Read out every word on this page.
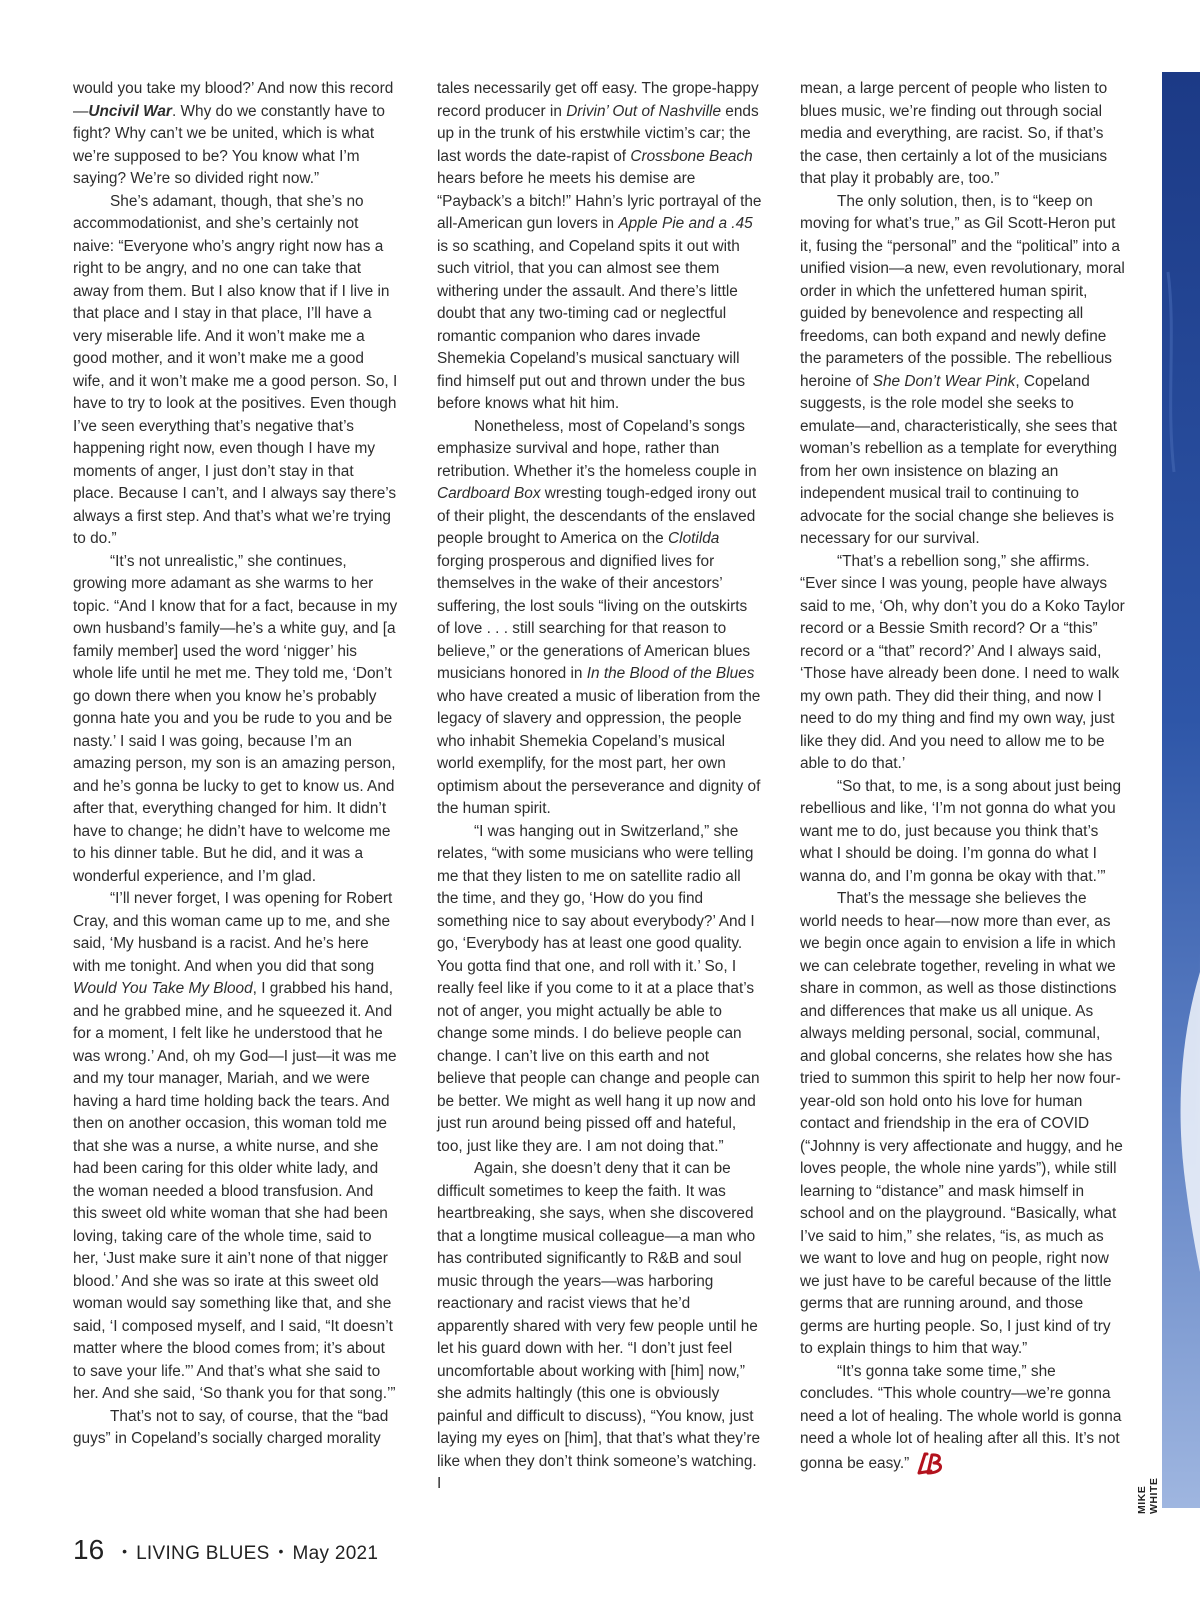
would you take my blood?’ And now this record—Uncivil War. Why do we constantly have to fight? Why can’t we be united, which is what we’re supposed to be? You know what I’m saying? We’re so divided right now.”

She’s adamant, though, that she’s no accommodationist, and she’s certainly not naive: “Everyone who’s angry right now has a right to be angry, and no one can take that away from them. But I also know that if I live in that place and I stay in that place, I’ll have a very miserable life. And it won’t make me a good mother, and it won’t make me a good wife, and it won’t make me a good person. So, I have to try to look at the positives. Even though I’ve seen everything that’s negative that’s happening right now, even though I have my moments of anger, I just don’t stay in that place. Because I can’t, and I always say there’s always a first step. And that’s what we’re trying to do.”

“It’s not unrealistic,” she continues, growing more adamant as she warms to her topic. “And I know that for a fact, because in my own husband’s family—he’s a white guy, and [a family member] used the word ‘nigger’ his whole life until he met me. They told me, ‘Don’t go down there when you know he’s probably gonna hate you and you be rude to you and be nasty.’ I said I was going, because I’m an amazing person, my son is an amazing person, and he’s gonna be lucky to get to know us. And after that, everything changed for him. It didn’t have to change; he didn’t have to welcome me to his dinner table. But he did, and it was a wonderful experience, and I’m glad.

“I’ll never forget, I was opening for Robert Cray, and this woman came up to me, and she said, ‘My husband is a racist. And he’s here with me tonight. And when you did that song Would You Take My Blood, I grabbed his hand, and he grabbed mine, and he squeezed it. And for a moment, I felt like he understood that he was wrong.’ And, oh my God—I just—it was me and my tour manager, Mariah, and we were having a hard time holding back the tears. And then on another occasion, this woman told me that she was a nurse, a white nurse, and she had been caring for this older white lady, and the woman needed a blood transfusion. And this sweet old white woman that she had been loving, taking care of the whole time, said to her, ‘Just make sure it ain’t none of that nigger blood.’ And she was so irate at this sweet old woman would say something like that, and she said, ‘I composed myself, and I said, “It doesn’t matter where the blood comes from; it’s about to save your life.”’ And that’s what she said to her. And she said, ‘So thank you for that song.’”

That’s not to say, of course, that the “bad guys” in Copeland’s socially charged morality

tales necessarily get off easy. The grope-happy record producer in Drivin’ Out of Nashville ends up in the trunk of his erstwhile victim’s car; the last words the date-rapist of Crossbone Beach hears before he meets his demise are “Payback’s a bitch!” Hahn’s lyric portrayal of the all-American gun lovers in Apple Pie and a .45 is so scathing, and Copeland spits it out with such vitriol, that you can almost see them withering under the assault. And there’s little doubt that any two-timing cad or neglectful romantic companion who dares invade Shemekia Copeland’s musical sanctuary will find himself put out and thrown under the bus before knows what hit him.

Nonetheless, most of Copeland’s songs emphasize survival and hope, rather than retribution. Whether it’s the homeless couple in Cardboard Box wresting tough-edged irony out of their plight, the descendants of the enslaved people brought to America on the Clotilda forging prosperous and dignified lives for themselves in the wake of their ancestors’ suffering, the lost souls “living on the outskirts of love . . . still searching for that reason to believe,” or the generations of American blues musicians honored in In the Blood of the Blues who have created a music of liberation from the legacy of slavery and oppression, the people who inhabit Shemekia Copeland’s musical world exemplify, for the most part, her own optimism about the perseverance and dignity of the human spirit.

“I was hanging out in Switzerland,” she relates, “with some musicians who were telling me that they listen to me on satellite radio all the time, and they go, ‘How do you find something nice to say about everybody?’ And I go, ‘Everybody has at least one good quality. You gotta find that one, and roll with it.’ So, I really feel like if you come to it at a place that’s not of anger, you might actually be able to change some minds. I do believe people can change. I can’t live on this earth and not believe that people can change and people can be better. We might as well hang it up now and just run around being pissed off and hateful, too, just like they are. I am not doing that.”

Again, she doesn’t deny that it can be difficult sometimes to keep the faith. It was heartbreaking, she says, when she discovered that a longtime musical colleague—a man who has contributed significantly to R&B and soul music through the years—was harboring reactionary and racist views that he’d apparently shared with very few people until he let his guard down with her. “I don’t just feel uncomfortable about working with [him] now,” she admits haltingly (this one is obviously painful and difficult to discuss), “You know, just laying my eyes on [him], that that’s what they’re like when they don’t think someone’s watching. I

mean, a large percent of people who listen to blues music, we’re finding out through social media and everything, are racist. So, if that’s the case, then certainly a lot of the musicians that play it probably are, too.”

The only solution, then, is to “keep on moving for what’s true,” as Gil Scott-Heron put it, fusing the “personal” and the “political” into a unified vision—a new, even revolutionary, moral order in which the unfettered human spirit, guided by benevolence and respecting all freedoms, can both expand and newly define the parameters of the possible. The rebellious heroine of She Don’t Wear Pink, Copeland suggests, is the role model she seeks to emulate—and, characteristically, she sees that woman’s rebellion as a template for everything from her own insistence on blazing an independent musical trail to continuing to advocate for the social change she believes is necessary for our survival.

“That’s a rebellion song,” she affirms. “Ever since I was young, people have always said to me, ‘Oh, why don’t you do a Koko Taylor record or a Bessie Smith record? Or a “this” record or a “that” record?’ And I always said, ‘Those have already been done. I need to walk my own path. They did their thing, and now I need to do my thing and find my own way, just like they did. And you need to allow me to be able to do that.’

“So that, to me, is a song about just being rebellious and like, ‘I’m not gonna do what you want me to do, just because you think that’s what I should be doing. I’m gonna do what I wanna do, and I’m gonna be okay with that.’”

That’s the message she believes the world needs to hear—now more than ever, as we begin once again to envision a life in which we can celebrate together, reveling in what we share in common, as well as those distinctions and differences that make us all unique. As always melding personal, social, communal, and global concerns, she relates how she has tried to summon this spirit to help her now four-year-old son hold onto his love for human contact and friendship in the era of COVID (“Johnny is very affectionate and huggy, and he loves people, the whole nine yards”), while still learning to “distance” and mask himself in school and on the playground. “Basically, what I’ve said to him,” she relates, “is, as much as we want to love and hug on people, right now we just have to be careful because of the little germs that are running around, and those germs are hurting people. So, I just kind of try to explain things to him that way.”

“It’s gonna take some time,” she concludes. “This whole country—we’re gonna need a lot of healing. The whole world is gonna need a whole lot of healing after all this. It’s not gonna be easy.”

MIKE WHITE
16 • LIVING BLUES • May 2021
